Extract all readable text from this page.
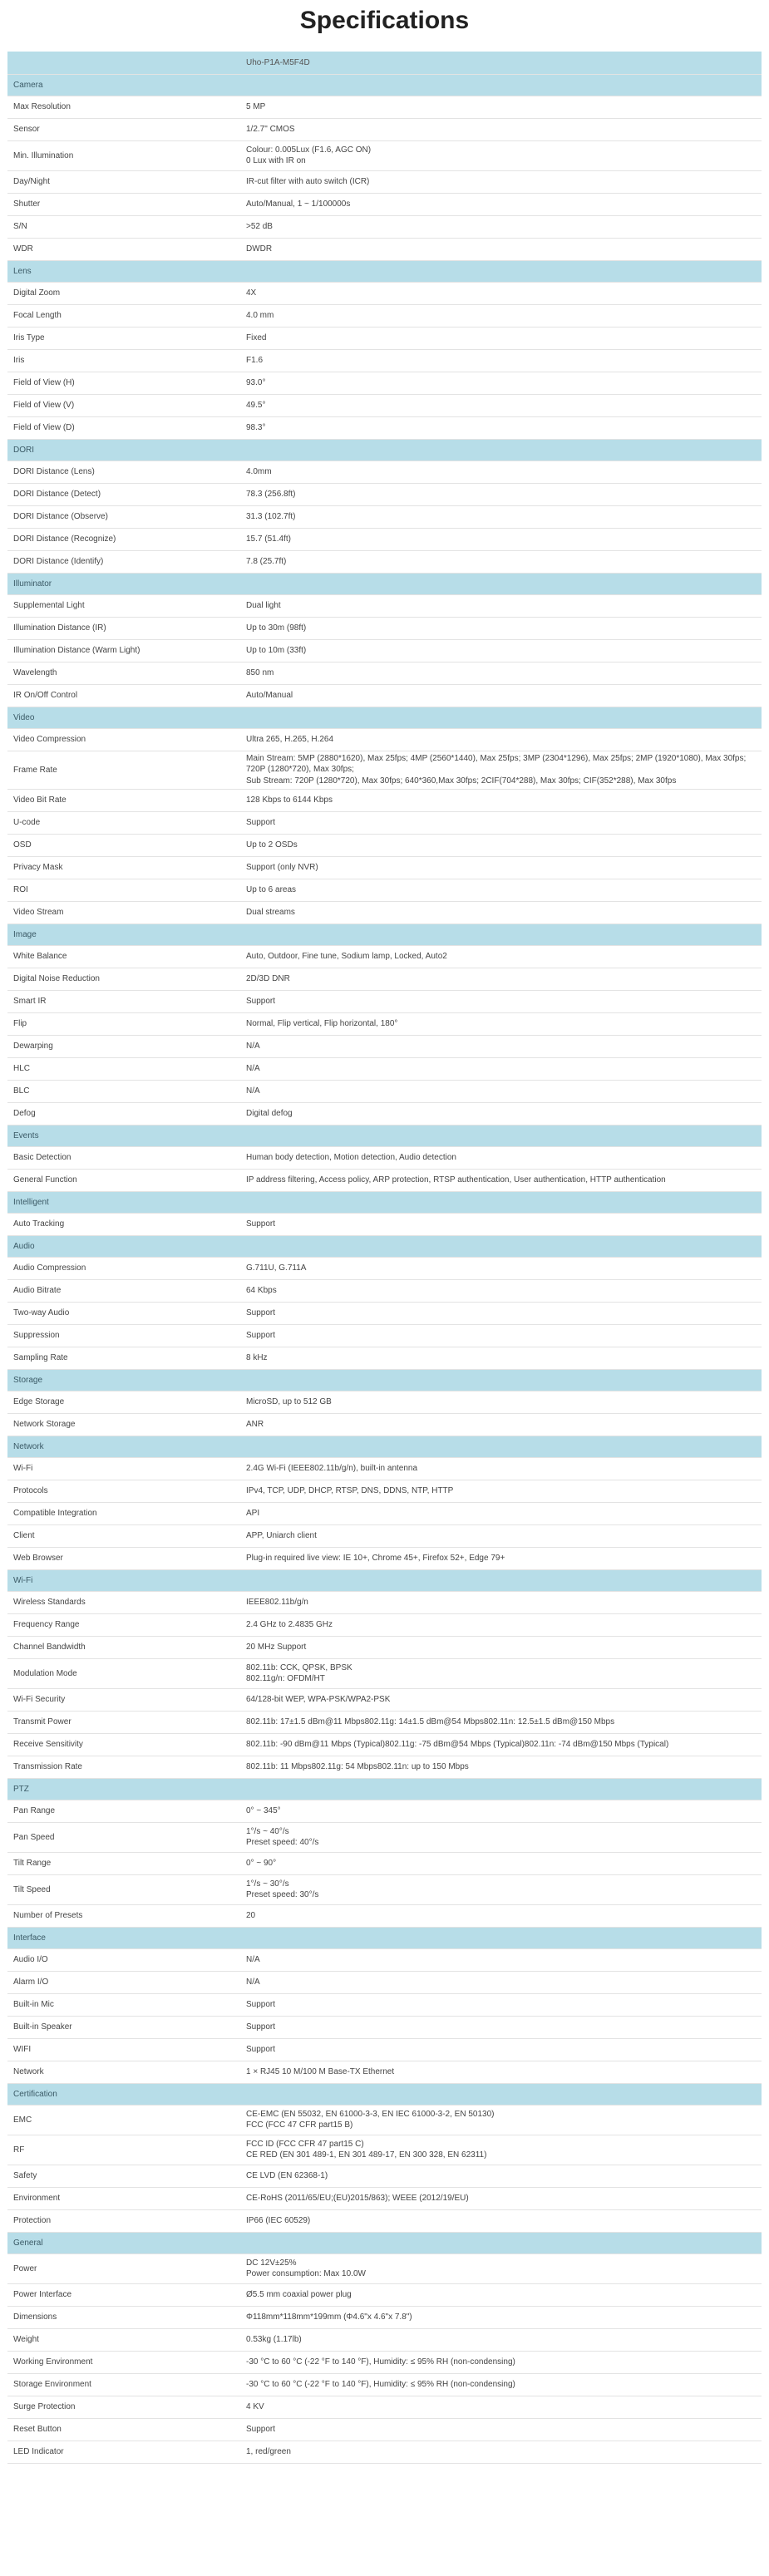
Specifications
	Uho-P1A-M5F4D
Camera	
Max Resolution	5 MP
Sensor	1/2.7" CMOS
Min. Illumination	Colour: 0.005Lux (F1.6, AGC ON)
0 Lux with IR on
Day/Night	IR-cut filter with auto switch (ICR)
Shutter	Auto/Manual, 1 ~ 1/100000s
S/N	>52 dB
WDR	DWDR
Lens	
Digital Zoom	4X
Focal Length	4.0 mm
Iris Type	Fixed
Iris	F1.6
Field of View (H)	93.0°
Field of View (V)	49.5°
Field of View (D)	98.3°
DORI	
DORI Distance (Lens)	4.0mm
DORI Distance (Detect)	78.3 (256.8ft)
DORI Distance (Observe)	31.3 (102.7ft)
DORI Distance (Recognize)	15.7 (51.4ft)
DORI Distance (Identify)	7.8 (25.7ft)
Illuminator	
Supplemental Light	Dual light
Illumination Distance (IR)	Up to 30m (98ft)
Illumination Distance (Warm Light)	Up to 10m (33ft)
Wavelength	850 nm
IR On/Off Control	Auto/Manual
Video	
Video Compression	Ultra 265, H.265, H.264
Frame Rate	Main Stream: 5MP (2880*1620), Max 25fps; 4MP (2560*1440), Max 25fps; 3MP (2304*1296), Max 25fps; 2MP (1920*1080), Max 30fps; 720P (1280*720), Max 30fps;
Sub Stream: 720P (1280*720), Max 30fps; 640*360,Max 30fps; 2CIF(704*288), Max 30fps; CIF(352*288), Max 30fps
Video Bit Rate	128 Kbps to 6144 Kbps
U-code	Support
OSD	Up to 2 OSDs
Privacy Mask	Support (only NVR)
ROI	Up to 6 areas
Video Stream	Dual streams
Image	
White Balance	Auto, Outdoor, Fine tune, Sodium lamp, Locked, Auto2
Digital Noise Reduction	2D/3D DNR
Smart IR	Support
Flip	Normal, Flip vertical, Flip horizontal, 180°
Dewarping	N/A
HLC	N/A
BLC	N/A
Defog	Digital defog
Events	
Basic Detection	Human body detection, Motion detection, Audio detection
General Function	IP address filtering, Access policy, ARP protection, RTSP authentication, User authentication, HTTP authentication
Intelligent	
Auto Tracking	Support
Audio	
Audio Compression	G.711U, G.711A
Audio Bitrate	64 Kbps
Two-way Audio	Support
Suppression	Support
Sampling Rate	8 kHz
Storage	
Edge Storage	MicroSD, up to 512 GB
Network Storage	ANR
Network	
Wi-Fi	2.4G Wi-Fi (IEEE802.11b/g/n), built-in antenna
Protocols	IPv4, TCP, UDP, DHCP, RTSP, DNS, DDNS, NTP, HTTP
Compatible Integration	API
Client	APP, Uniarch client
Web Browser	Plug-in required live view: IE 10+, Chrome 45+, Firefox 52+, Edge 79+
Wi-Fi	
Wireless Standards	IEEE802.11b/g/n
Frequency Range	2.4 GHz to 2.4835 GHz
Channel Bandwidth	20 MHz Support
Modulation Mode	802.11b: CCK, QPSK, BPSK
802.11g/n: OFDM/HT
Wi-Fi Security	64/128-bit WEP, WPA-PSK/WPA2-PSK
Transmit Power	802.11b: 17±1.5 dBm@11 Mbps802.11g: 14±1.5 dBm@54 Mbps802.11n: 12.5±1.5 dBm@150 Mbps
Receive Sensitivity	802.11b: -90 dBm@11 Mbps (Typical)802.11g: -75 dBm@54 Mbps (Typical)802.11n: -74 dBm@150 Mbps (Typical)
Transmission Rate	802.11b: 11 Mbps802.11g: 54 Mbps802.11n: up to 150 Mbps
PTZ	
Pan Range	0° ~ 345°
Pan Speed	1°/s ~ 40°/s
Preset speed: 40°/s
Tilt Range	0° ~ 90°
Tilt Speed	1°/s ~ 30°/s
Preset speed: 30°/s
Number of Presets	20
Interface	
Audio I/O	N/A
Alarm I/O	N/A
Built-in Mic	Support
Built-in Speaker	Support
WIFI	Support
Network	1 × RJ45 10 M/100 M Base-TX Ethernet
Certification	
EMC	CE-EMC (EN 55032, EN 61000-3-3, EN IEC 61000-3-2, EN 50130)
FCC (FCC 47 CFR part15 B)
RF	FCC ID (FCC CFR 47 part15 C)
CE RED (EN 301 489-1, EN 301 489-17, EN 300 328, EN 62311)
Safety	CE LVD (EN 62368-1)
Environment	CE-RoHS (2011/65/EU;(EU)2015/863); WEEE (2012/19/EU)
Protection	IP66 (IEC 60529)
General	
Power	DC 12V±25%
Power consumption: Max 10.0W
Power Interface	Ø5.5 mm coaxial power plug
Dimensions	Φ118mm*118mm*199mm (Φ4.6"x 4.6"x 7.8")
Weight	0.53kg (1.17lb)
Working Environment	-30 °C to 60 °C (-22 °F to 140 °F), Humidity: ≤ 95% RH (non-condensing)
Storage Environment	-30 °C to 60 °C (-22 °F to 140 °F), Humidity: ≤ 95% RH (non-condensing)
Surge Protection	4 KV
Reset Button	Support
LED Indicator	1, red/green
